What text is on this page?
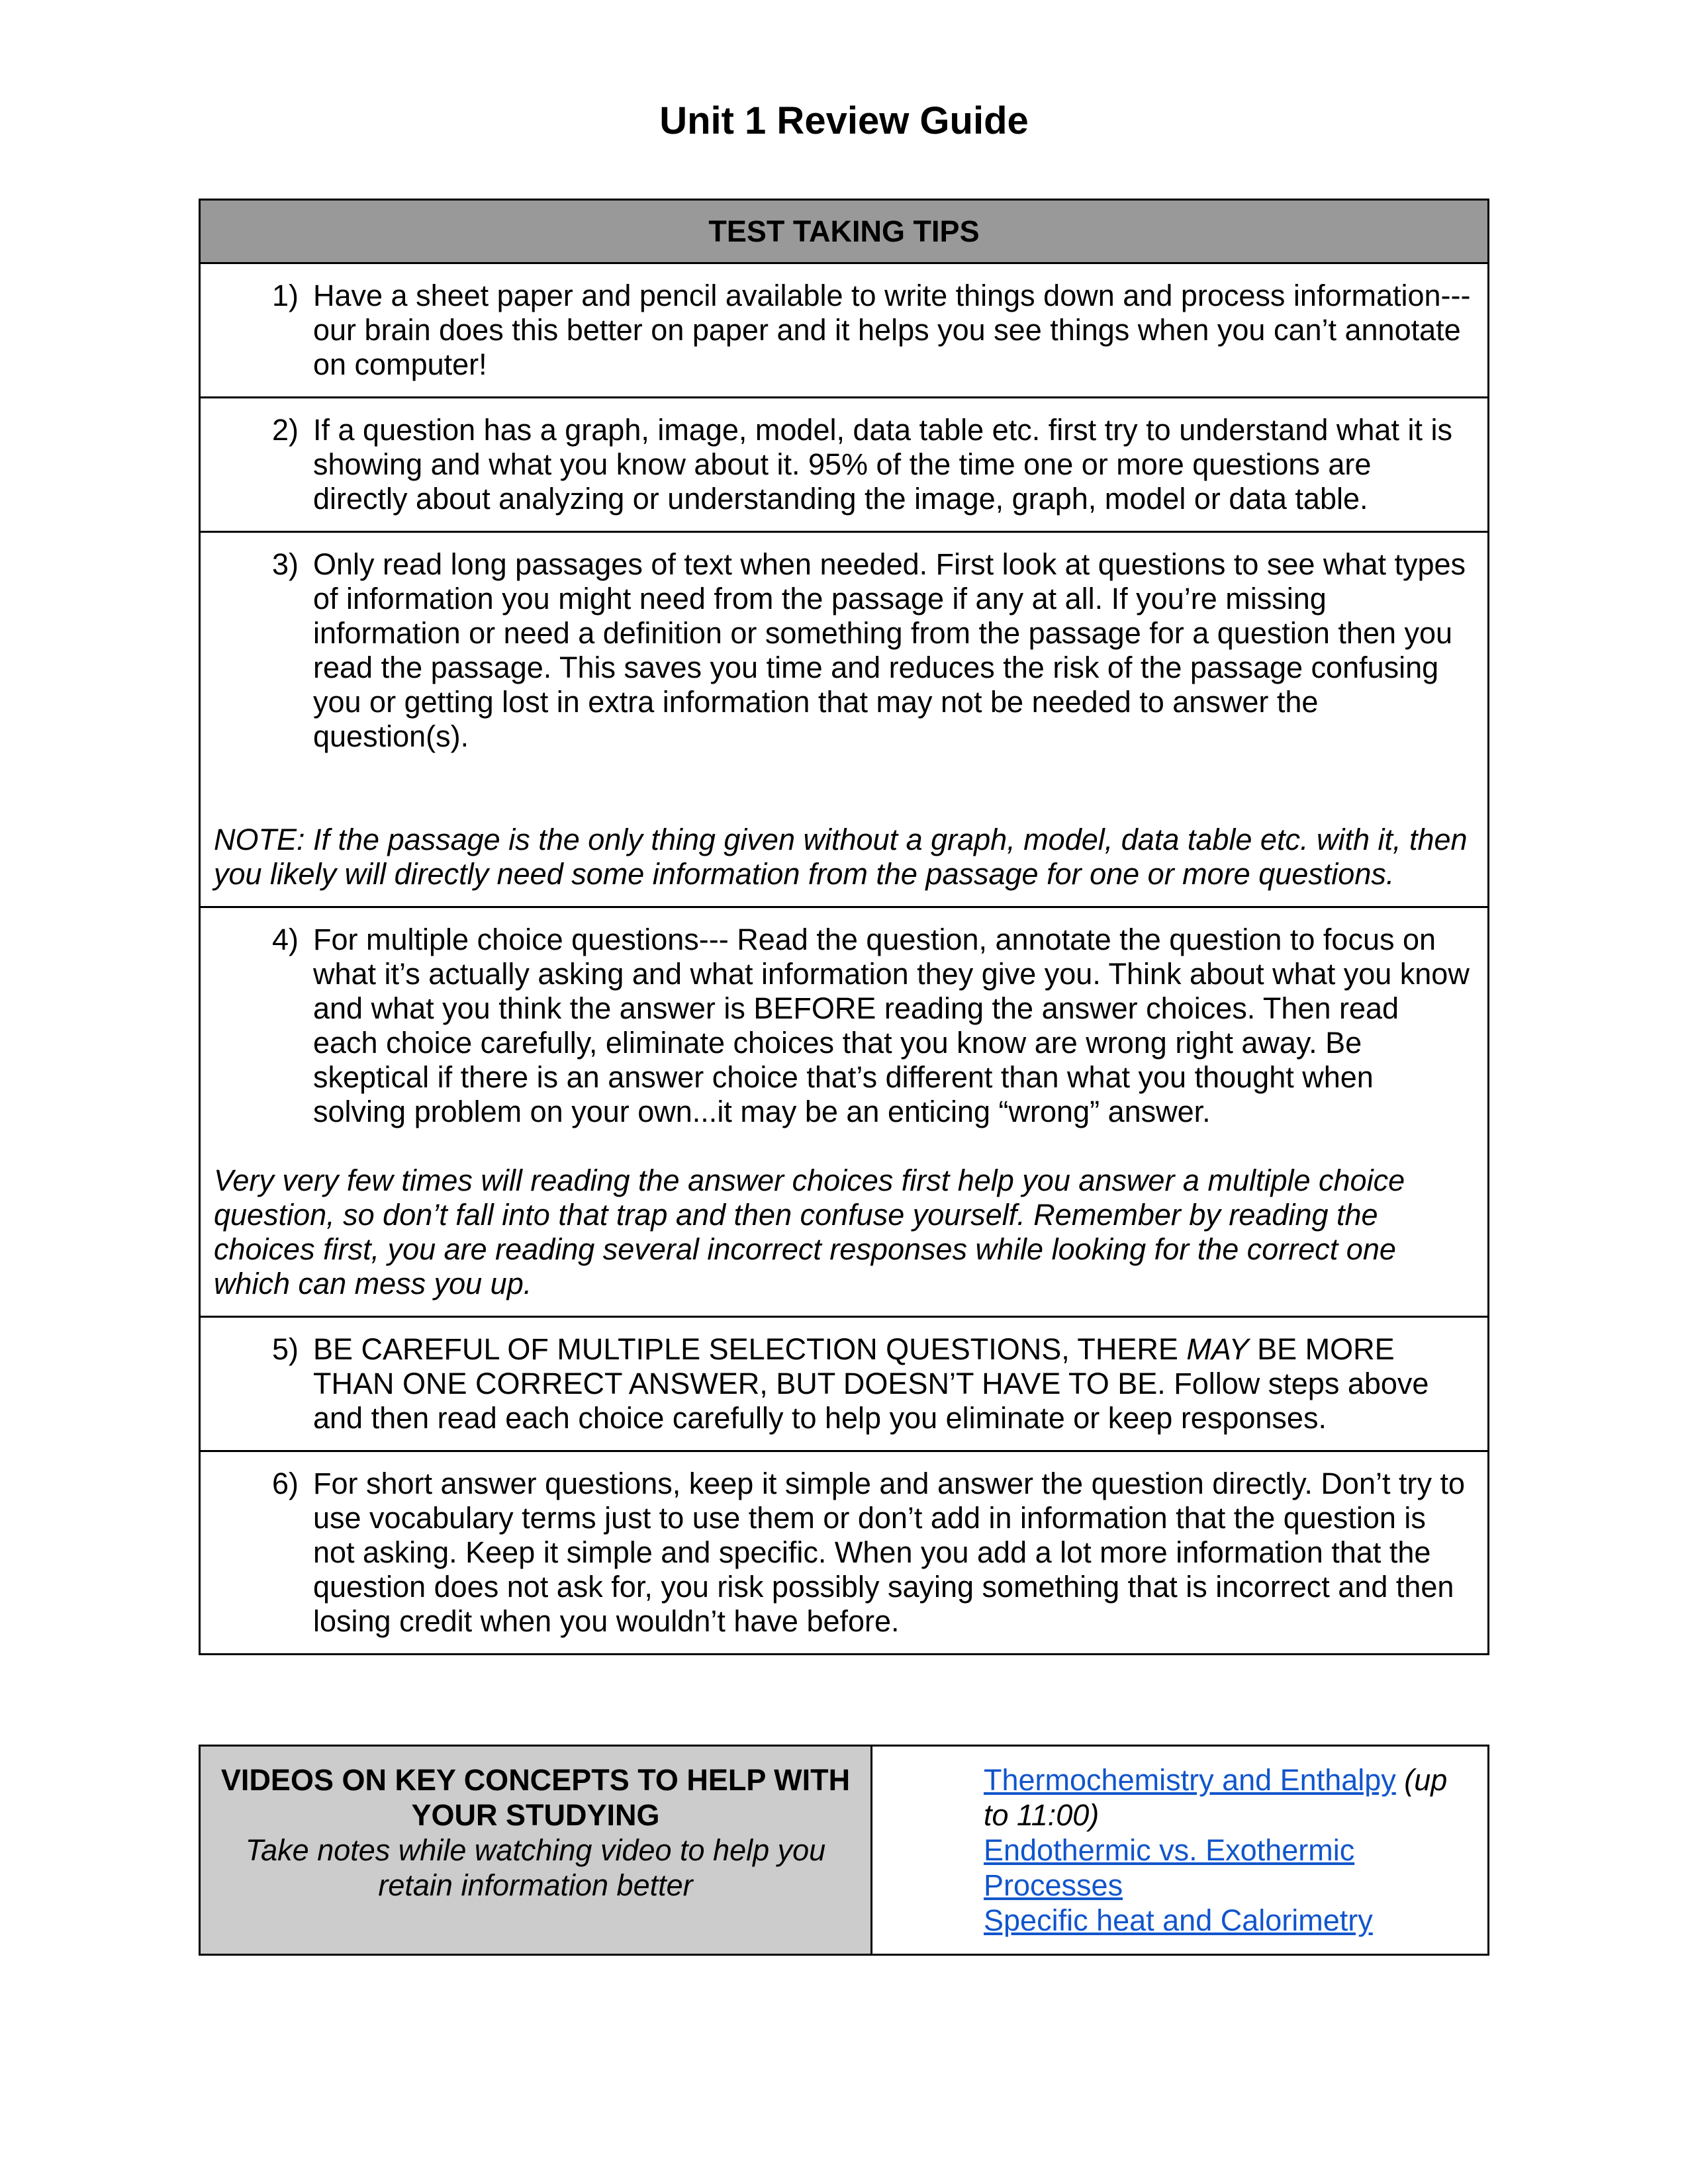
Unit 1 Review Guide
TEST TAKING TIPS

1) Have a sheet paper and pencil available to write things down and process information--- our brain does this better on paper and it helps you see things when you can’t annotate on computer!

2) If a question has a graph, image, model, data table etc. first try to understand what it is showing and what you know about it. 95% of the time one or more questions are directly about analyzing or understanding the image, graph, model or data table.

3) Only read long passages of text when needed. First look at questions to see what types of information you might need from the passage if any at all. If you’re missing information or need a definition or something from the passage for a question then you read the passage. This saves you time and reduces the risk of the passage confusing you or getting lost in extra information that may not be needed to answer the question(s).
NOTE: If the passage is the only thing given without a graph, model, data table etc. with it, then you likely will directly need some information from the passage for one or more questions.

4) For multiple choice questions--- Read the question, annotate the question to focus on what it’s actually asking and what information they give you. Think about what you know and what you think the answer is BEFORE reading the answer choices. Then read each choice carefully, eliminate choices that you know are wrong right away. Be skeptical if there is an answer choice that’s different than what you thought when solving problem on your own...it may be an enticing “wrong” answer.
Very very few times will reading the answer choices first help you answer a multiple choice question, so don’t fall into that trap and then confuse yourself. Remember by reading the choices first, you are reading several incorrect responses while looking for the correct one which can mess you up.

5) BE CAREFUL OF MULTIPLE SELECTION QUESTIONS, THERE MAY BE MORE THAN ONE CORRECT ANSWER, BUT DOESN’T HAVE TO BE. Follow steps above and then read each choice carefully to help you eliminate or keep responses.

6) For short answer questions, keep it simple and answer the question directly. Don’t try to use vocabulary terms just to use them or don’t add in information that the question is not asking. Keep it simple and specific. When you add a lot more information that the question does not ask for, you risk possibly saying something that is incorrect and then losing credit when you wouldn’t have before.
VIDEOS ON KEY CONCEPTS TO HELP WITH YOUR STUDYING
Take notes while watching video to help you retain information better

Thermochemistry and Enthalpy (up to 11:00)
Endothermic vs. Exothermic Processes
Specific heat and Calorimetry
